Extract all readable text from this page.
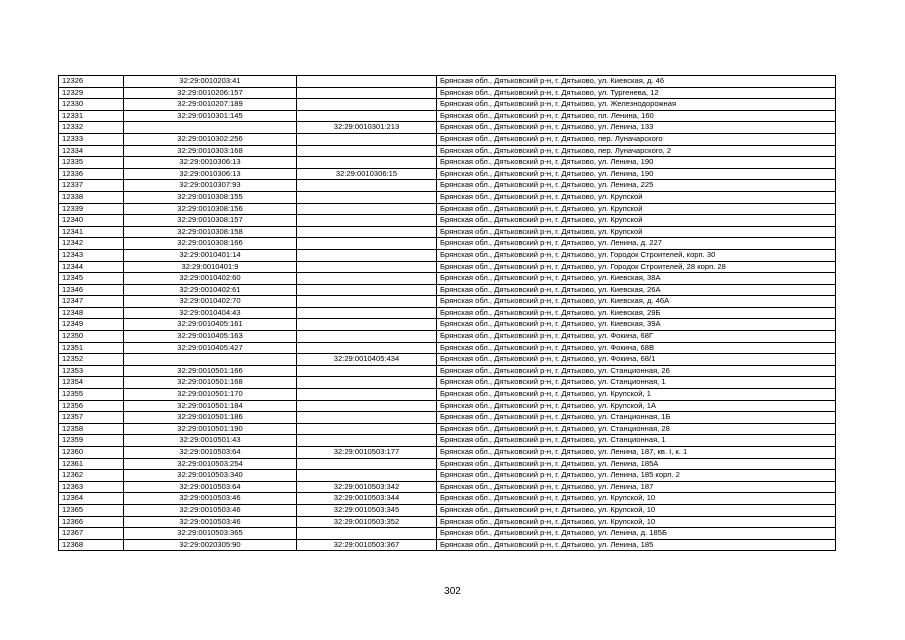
12326	32:29:0010203:41		Брянская обл., Дятьковский р-н, г. Дятьково, ул. Киевская, д. 46
12329	32:29:0010206:157		Брянская обл., Дятьковский р-н, г. Дятьково, ул. Тургенева, 12
12330	32:29:0010207:189		Брянская обл., Дятьковский р-н, г. Дятьково, ул. Железнодорожная
12331	32:29:0010301:145		Брянская обл., Дятьковский р-н, г. Дятьково, пл. Ленина, 160
12332		32:29:0010301:213	Брянская обл., Дятьковский р-н, г. Дятьково, ул. Ленина, 133
12333	32:29:0010302:256		Брянская обл., Дятьковский р-н, г. Дятьково, пер. Луначарского
12334	32:29:0010303:168		Брянская обл., Дятьковский р-н, г. Дятьково, пер. Луначарского, 2
12335	32:29:0010306:13		Брянская обл., Дятьковский р-н, г. Дятьково, ул. Ленина, 190
12336	32:29:0010306:13	32:29:0010306:15	Брянская обл., Дятьковский р-н, г. Дятьково, ул. Ленина, 190
12337	32:29:0010307:93		Брянская обл., Дятьковский р-н, г. Дятьково, ул. Ленина, 225
12338	32:29:0010308:155		Брянская обл., Дятьковский р-н, г. Дятьково, ул. Крупской
12339	32:29:0010308:156		Брянская обл., Дятьковский р-н, г. Дятьково, ул. Крупской
12340	32:29:0010308:157		Брянская обл., Дятьковский р-н, г. Дятьково, ул. Крупской
12341	32:29:0010308:158		Брянская обл., Дятьковский р-н, г. Дятьково, ул. Крупской
12342	32:29:0010308:166		Брянская обл., Дятьковский р-н, г. Дятьково, ул. Ленина, д. 227
12343	32:29:0010401:14		Брянская обл., Дятьковский р-н, г. Дятьково, ул. Городок Строителей, корп. 30
12344	32:29:0010401:9		Брянская обл., Дятьковский р-н, г. Дятьково, ул. Городок Строителей, 28 корп. 28
12345	32:29:0010402:60		Брянская обл., Дятьковский р-н, г. Дятьково, ул. Киевская, 38А
12346	32:29:0010402:61		Брянская обл., Дятьковский р-н, г. Дятьково, ул. Киевская, 26А
12347	32:29:0010402:70		Брянская обл., Дятьковский р-н, г. Дятьково, ул. Киевская, д. 46А
12348	32:29:0010404:43		Брянская обл., Дятьковский р-н, г. Дятьково, ул. Киевская, 29Б
12349	32:29:0010405:161		Брянская обл., Дятьковский р-н, г. Дятьково, ул. Киевская, 39А
12350	32:29:0010405:163		Брянская обл., Дятьковский р-н, г. Дятьково, ул. Фокина, 68Г
12351	32:29:0010405:427		Брянская обл., Дятьковский р-н, г. Дятьково, ул. Фокина, 68В
12352		32:29:0010405:434	Брянская обл., Дятьковский р-н, г. Дятьково, ул. Фокина, 68/1
12353	32:29:0010501:166		Брянская обл., Дятьковский р-н, г. Дятьково, ул. Станционная, 26
12354	32:29:0010501:168		Брянская обл., Дятьковский р-н, г. Дятьково, ул. Станционная, 1
12355	32:29:0010501:170		Брянская обл., Дятьковский р-н, г. Дятьково, ул. Крупской, 1
12356	32:29:0010501:184		Брянская обл., Дятьковский р-н, г. Дятьково, ул. Крупской, 1А
12357	32:29:0010501:186		Брянская обл., Дятьковский р-н, г. Дятьково, ул. Станционная, 1Б
12358	32:29:0010501:190		Брянская обл., Дятьковский р-н, г. Дятьково, ул. Станционная, 28
12359	32:29:0010501:43		Брянская обл., Дятьковский р-н, г. Дятьково, ул. Станционная, 1
12360	32:29:0010503:64	32:29:0010503:177	Брянская обл., Дятьковский р-н, г. Дятьково, ул. Ленина, 187, кв. I, к. 1
12361	32:29:0010503:254		Брянская обл., Дятьковский р-н, г. Дятьково, ул. Ленина, 185А
12362	32:29:0010503:340		Брянская обл., Дятьковский р-н, г. Дятьково, ул. Ленина, 185 корп. 2
12363	32:29:0010503:64	32:29:0010503:342	Брянская обл., Дятьковский р-н, г. Дятьково, ул. Ленина, 187
12364	32:29:0010503:46	32:29:0010503:344	Брянская обл., Дятьковский р-н, г. Дятьково, ул. Крупской, 10
12365	32:29:0010503:46	32:29:0010503:345	Брянская обл., Дятьковский р-н, г. Дятьково, ул. Крупской, 10
12366	32:29:0010503:46	32:29:0010503:352	Брянская обл., Дятьковский р-н, г. Дятьково, ул. Крупской, 10
12367	32:29:0010503:365		Брянская обл., Дятьковский р-н, г. Дятьково, ул. Ленина, д. 185Б
12368	32:29:0020305:90	32:29:0010503:367	Брянская обл., Дятьковский р-н, г. Дятьково, ул. Ленина, 185
302
